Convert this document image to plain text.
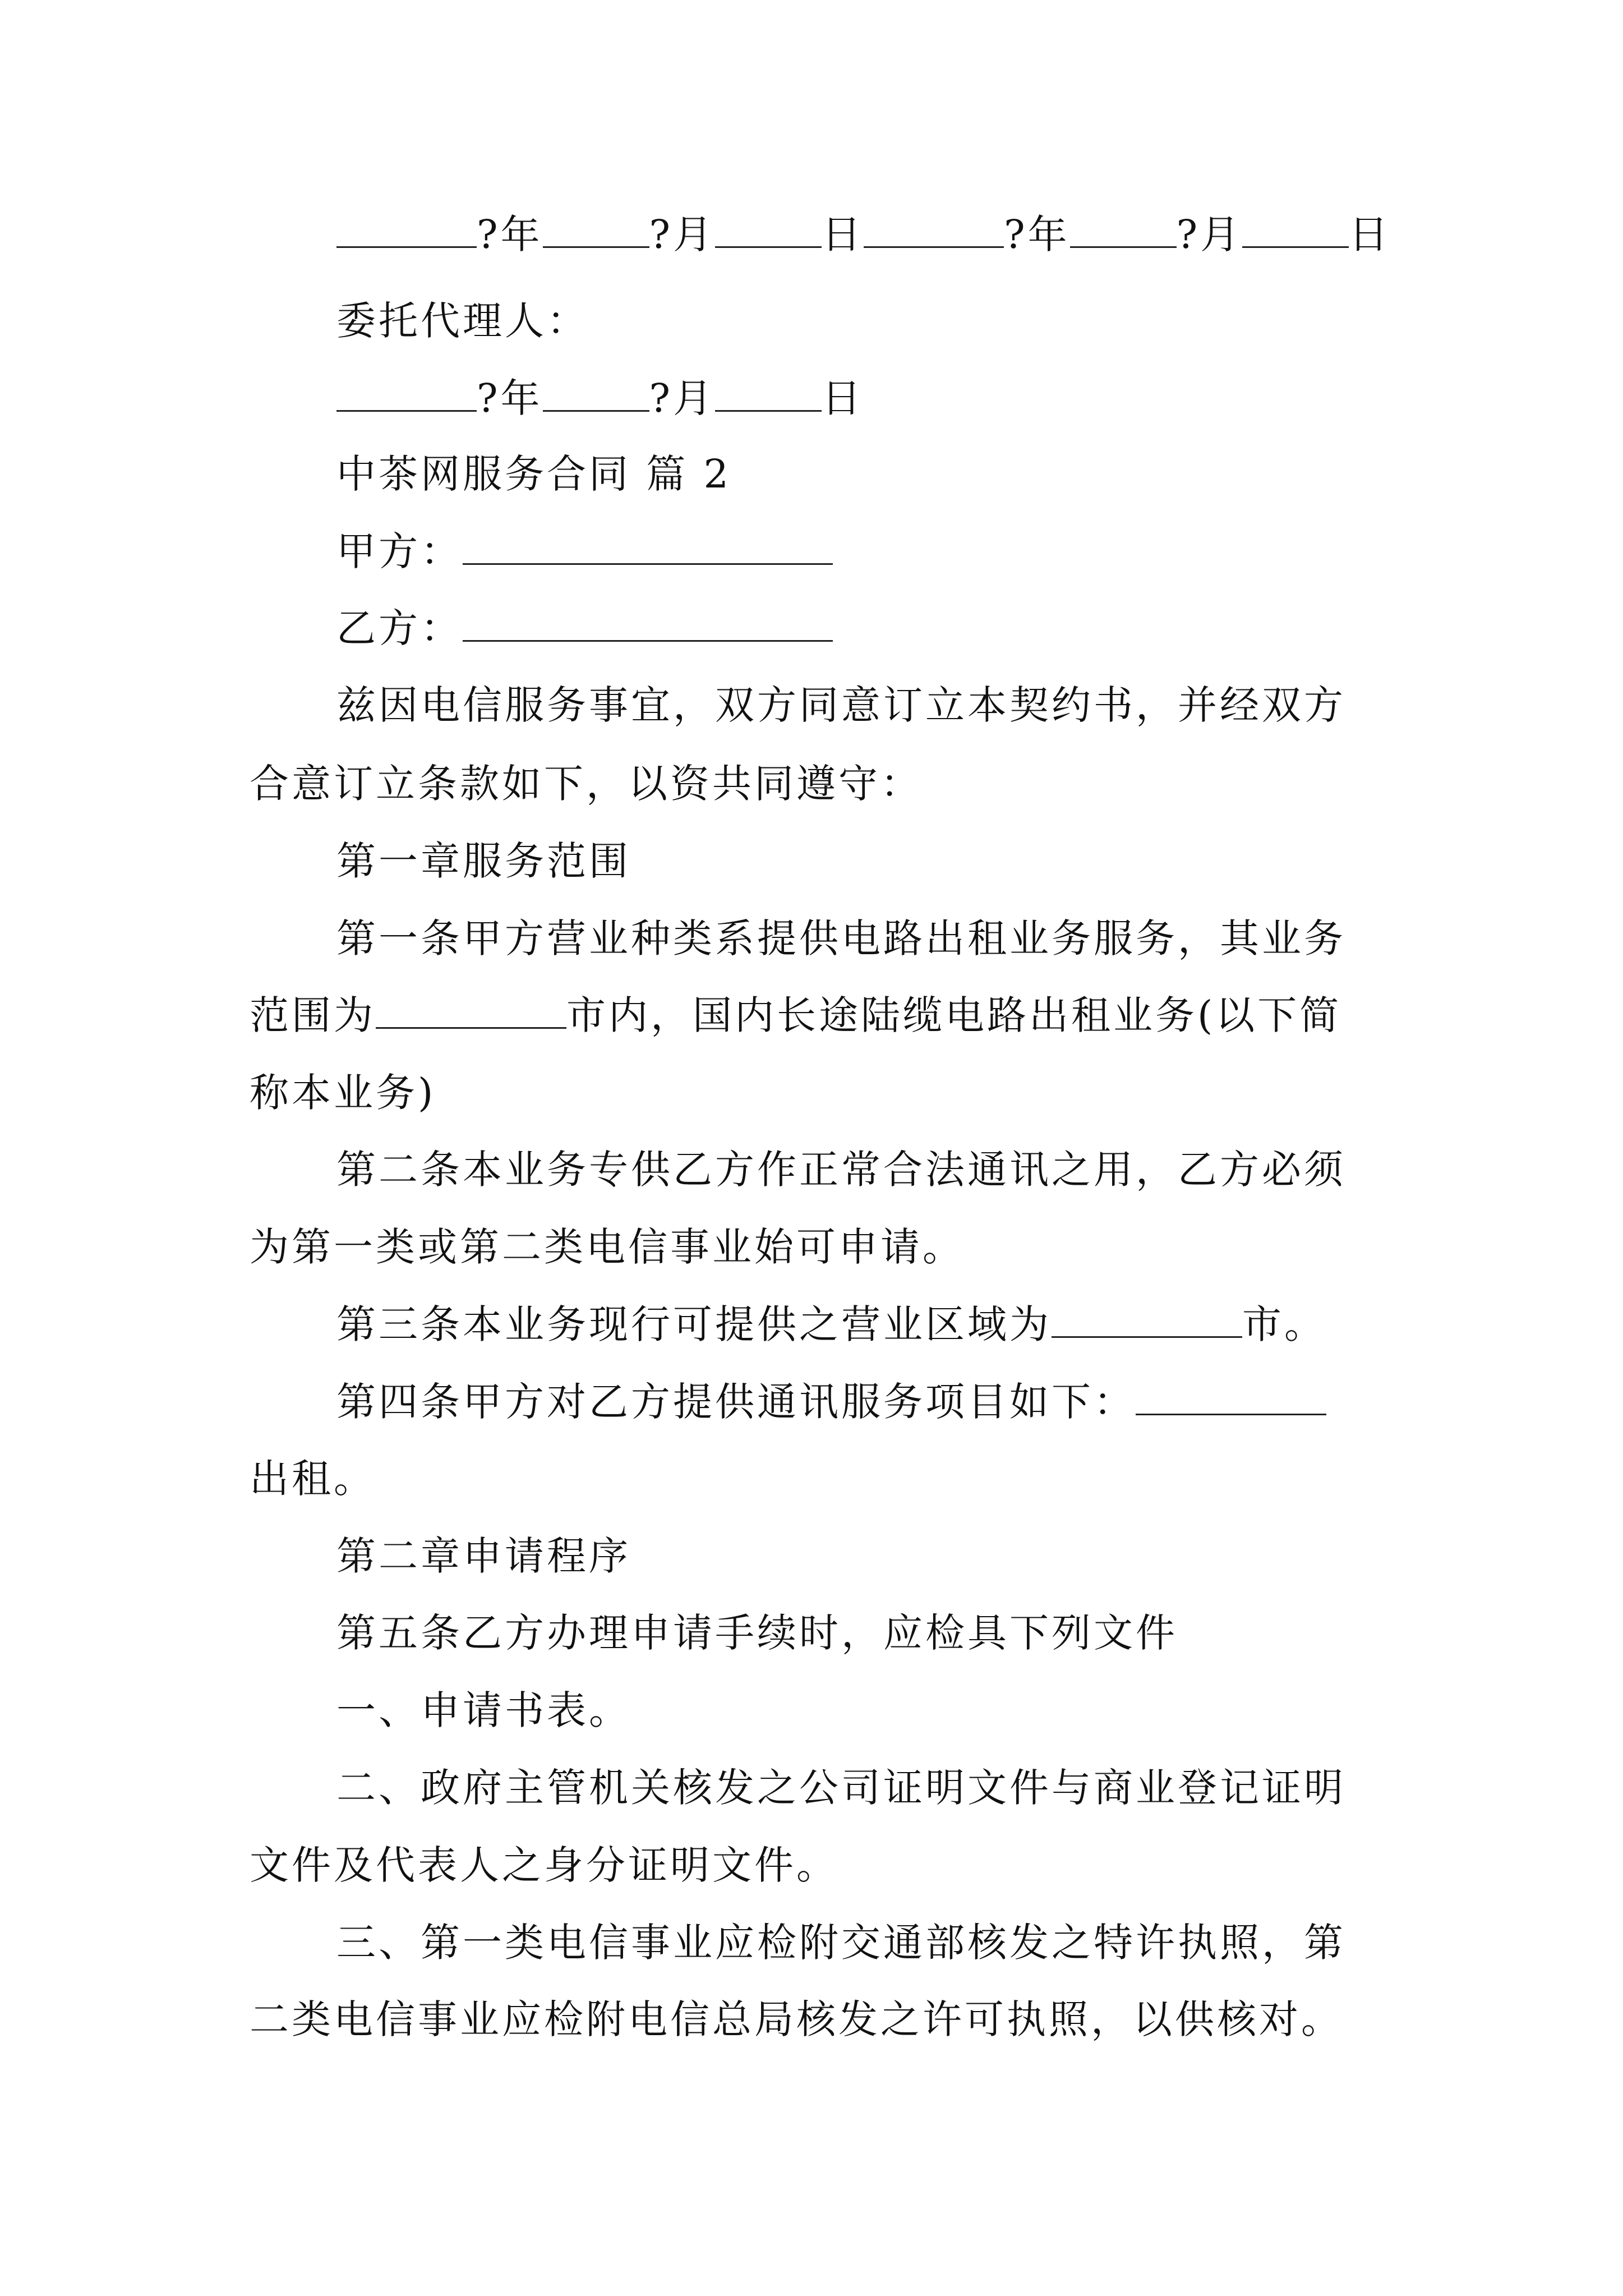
?年	?月	日	?年	?月	日
委托代理人：
?年	?月	日
中茶网服务合同 篇 2
甲方：
乙方：
兹因电信服务事宜，双方同意订立本契约书，并经双方
合意订立条款如下，以资共同遵守：
第一章服务范围
第一条甲方营业种类系提供电路出租业务服务，其业务
范围为	市内，国内长途陆缆电路出租业务(以下简
称本业务)
第二条本业务专供乙方作正常合法通讯之用，乙方必须
为第一类或第二类电信事业始可申请。
第三条本业务现行可提供之营业区域为	市。
第四条甲方对乙方提供通讯服务项目如下：
出租。
第二章申请程序
第五条乙方办理申请手续时，应检具下列文件
一、申请书表。
二、政府主管机关核发之公司证明文件与商业登记证明
文件及代表人之身分证明文件。
三、第一类电信事业应检附交通部核发之特许执照，第
二类电信事业应检附电信总局核发之许可执照，以供核对。
